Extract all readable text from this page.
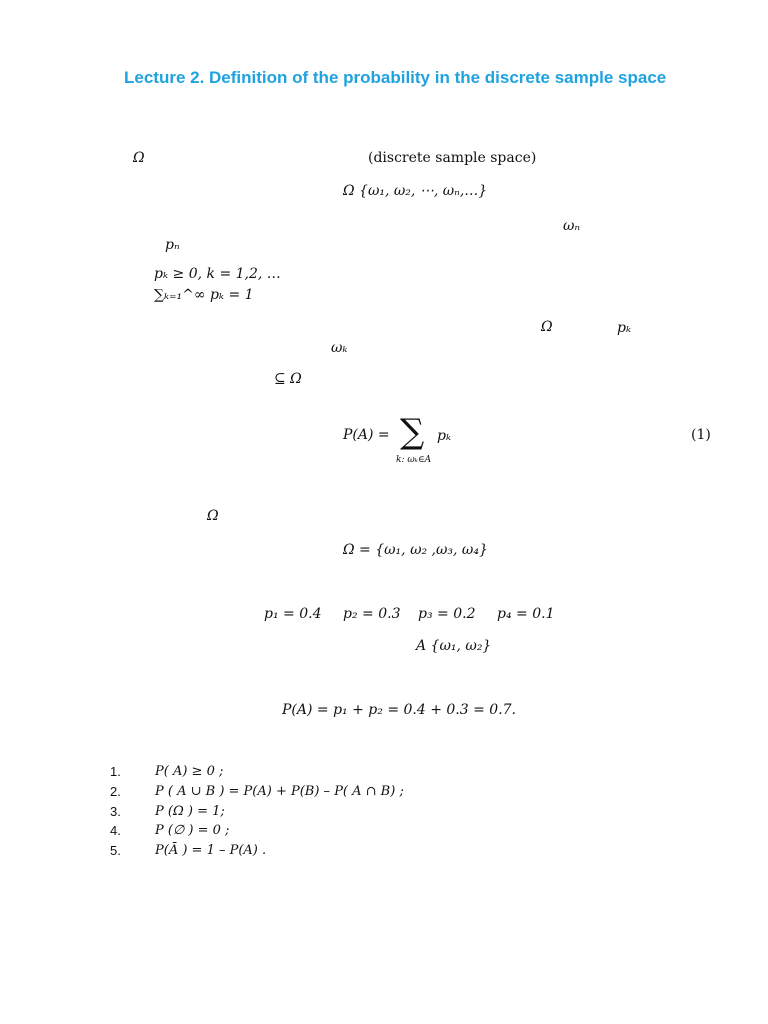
Lecture 2. Definition of the probability in the discrete sample space
Ω	(discrete sample space)
Ω {ω₁, ω₂, ⋯, ωₙ,…}
ωₙ
pₙ
pₖ ≥ 0, k = 1,2, …
∑ₖ₌₁^∞ pₖ = 1
Ω	pₖ
ωₖ
⊆ Ω
P(A) = ∑
k: ωₖ∈A
pₖ	(1)
Ω
Ω = {ω₁, ω₂ ,ω₃, ω₄}
p₁ = 0.4 p₂ = 0.3 p₃ = 0.2 p₄ = 0.1
A {ω₁, ω₂}
P(A) = p₁ + p₂ = 0.4 + 0.3 = 0.7.
1.	P( A) ≥ 0 ;
2.	P ( A ∪ B ) = P(A) + P(B) – P( A ∩ B) ;
3.	P (Ω ) = 1;
4.	P (∅ ) = 0 ;
5.	P(Ā ) = 1 – P(A) .
